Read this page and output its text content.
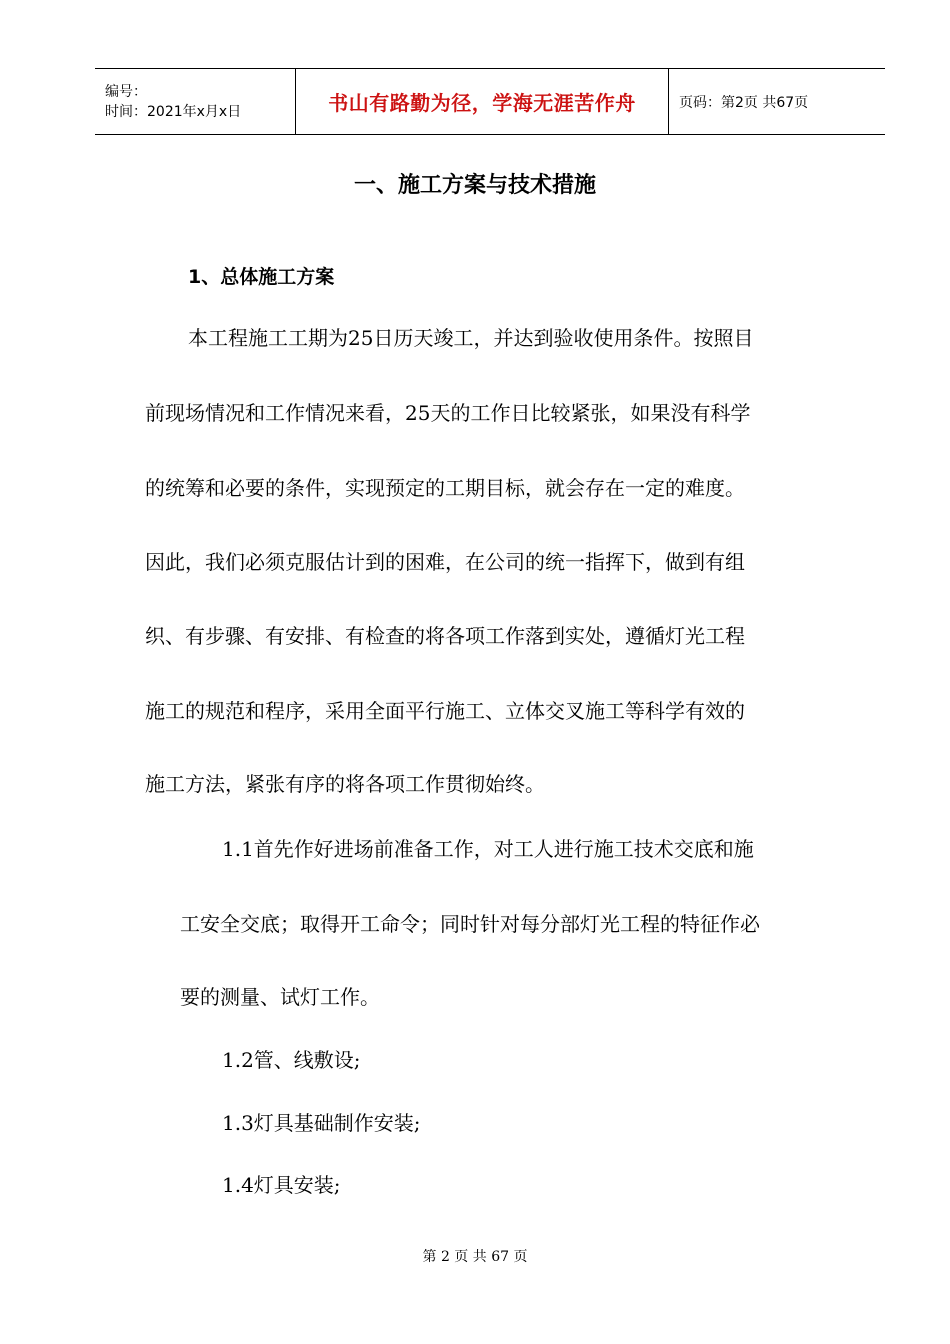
编号：
时间：2021年x月x日	书山有路勤为径，学海无涯苦作舟	页码：第2页 共67页
一、施工方案与技术措施
1、总体施工方案
本工程施工工期为25日历天竣工，并达到验收使用条件。按照目
前现场情况和工作情况来看，25天的工作日比较紧张，如果没有科学
的统筹和必要的条件，实现预定的工期目标，就会存在一定的难度。
因此，我们必须克服估计到的困难，在公司的统一指挥下，做到有组
织、有步骤、有安排、有检查的将各项工作落到实处，遵循灯光工程
施工的规范和程序，采用全面平行施工、立体交叉施工等科学有效的
施工方法，紧张有序的将各项工作贯彻始终。
1.1首先作好进场前准备工作，对工人进行施工技术交底和施
工安全交底；取得开工命令；同时针对每分部灯光工程的特征作必
要的测量、试灯工作。
1.2管、线敷设;
1.3灯具基础制作安装;
1.4灯具安装;
第 2 页 共 67 页
